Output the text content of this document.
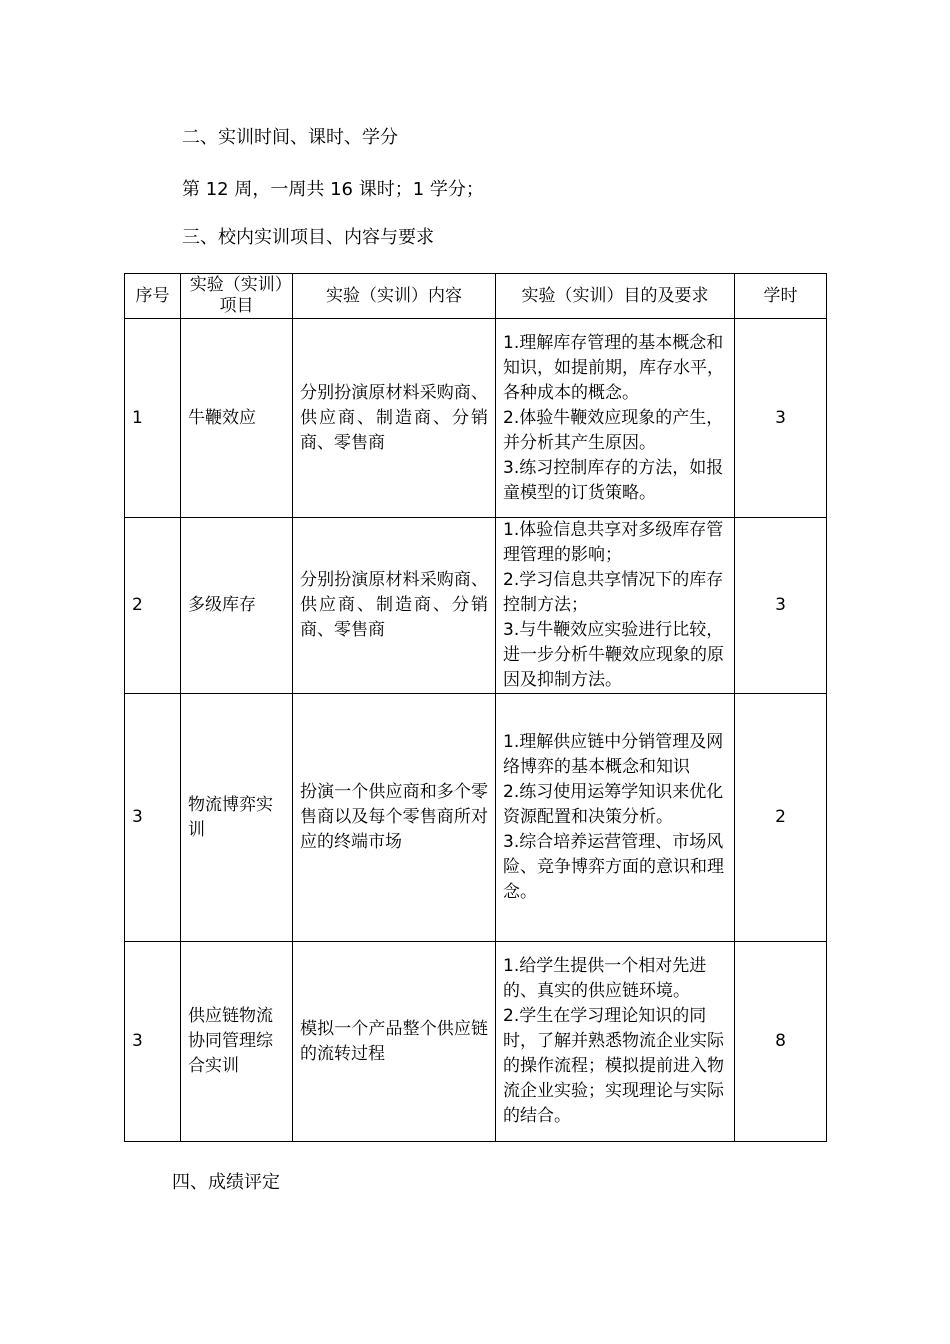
二、实训时间、课时、学分
第 12 周，一周共 16 课时；1 学分；
三、校内实训项目、内容与要求
序号	实验（实训）项目	实验（实训）内容	实验（实训）目的及要求	学时
1	牛鞭效应	分别扮演原材料采购商、供应商、制造商、分销商、零售商	1.理解库存管理的基本概念和知识，如提前期，库存水平，各种成本的概念。
2.体验牛鞭效应现象的产生，并分析其产生原因。
3.练习控制库存的方法，如报童模型的订货策略。	3
2	多级库存	分别扮演原材料采购商、供应商、制造商、分销商、零售商	1.体验信息共享对多级库存管理管理的影响；
2.学习信息共享情况下的库存控制方法；
3.与牛鞭效应实验进行比较，进一步分析牛鞭效应现象的原因及抑制方法。	3
3	物流博弈实训	扮演一个供应商和多个零售商以及每个零售商所对应的终端市场	1.理解供应链中分销管理及网络博弈的基本概念和知识
2.练习使用运筹学知识来优化资源配置和决策分析。
3.综合培养运营管理、市场风险、竞争博弈方面的意识和理念。	2
3	供应链物流协同管理综合实训	模拟一个产品整个供应链的流转过程	1.给学生提供一个相对先进的、真实的供应链环境。
2.学生在学习理论知识的同时，了解并熟悉物流企业实际的操作流程；模拟提前进入物流企业实验；实现理论与实际的结合。	8
四、成绩评定
